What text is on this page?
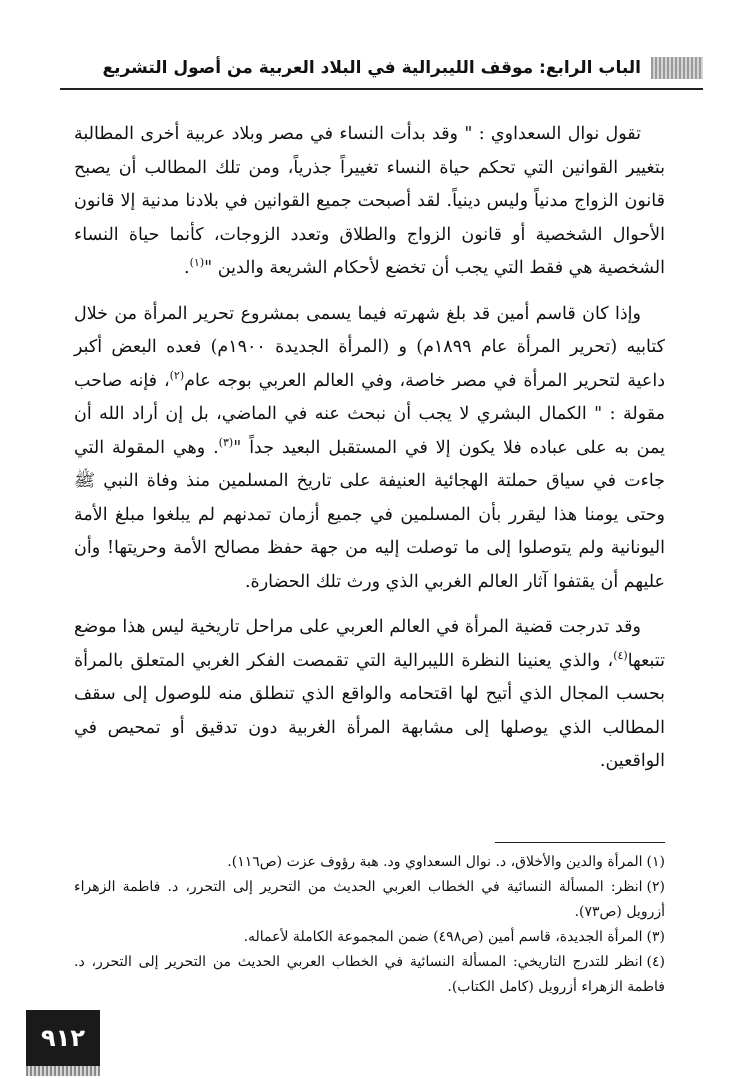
الباب الرابع: موقف الليبرالية في البلاد العربية من أصول التشريع

تقول نوال السعداوي : " وقد بدأت النساء في مصر وبلاد عربية أخرى المطالبة بتغيير القوانين التي تحكم حياة النساء تغييراً جذرياً، ومن تلك المطالب أن يصبح قانون الزواج مدنياً وليس دينياً. لقد أصبحت جميع القوانين في بلادنا مدنية إلا قانون الأحوال الشخصية أو قانون الزواج والطلاق وتعدد الزوجات، كأنما حياة النساء الشخصية هي فقط التي يجب أن تخضع لأحكام الشريعة والدين "$^{(١)}$.

وإذا كان قاسم أمين قد بلغ شهرته فيما يسمى بمشروع تحرير المرأة من خلال كتابيه (تحرير المرأة عام ١٨٩٩م) و (المرأة الجديدة ١٩٠٠م) فعده البعض أكبر داعية لتحرير المرأة في مصر خاصة، وفي العالم العربي بوجه عام$^{(٢)}$، فإنه صاحب مقولة : " الكمال البشري لا يجب أن نبحث عنه في الماضي، بل إن أراد الله أن يمن به على عباده فلا يكون إلا في المستقبل البعيد جداً "$^{(٣)}$. وهي المقولة التي جاءت في سياق حملتة الهجائية العنيفة على تاريخ المسلمين منذ وفاة النبي ﷺ وحتى يومنا هذا ليقرر بأن المسلمين في جميع أزمان تمدنهم لم يبلغوا مبلغ الأمة اليونانية ولم يتوصلوا إلى ما توصلت إليه من جهة حفظ مصالح الأمة وحريتها! وأن عليهم أن يقتفوا آثار العالم الغربي الذي ورث تلك الحضارة.

وقد تدرجت قضية المرأة في العالم العربي على مراحل تاريخية ليس هذا موضع تتبعها$^{(٤)}$، والذي يعنينا النظرة الليبرالية التي تقمصت الفكر الغربي المتعلق بالمرأة بحسب المجال الذي أتيح لها اقتحامه والواقع الذي تنطلق منه للوصول إلى سقف المطالب الذي يوصلها إلى مشابهة المرأة الغربية دون تدقيق أو تمحيص في الواقعين.

(١)المرأة والدين والأخلاق، د. نوال السعداوي ود. هبة رؤوف عزت (ص١١٦).

(٢)انظر: المسألة النسائية في الخطاب العربي الحديث من التحرير إلى التحرر، د. فاطمة الزهراء أزرويل (ص٧٣).

(٣)المرأة الجديدة، قاسم أمين (ص٤٩٨) ضمن المجموعة الكاملة لأعماله.

(٤)انظر للتدرج التاريخي: المسألة النسائية في الخطاب العربي الحديث من التحرير إلى التحرر، د. فاطمة الزهراء أزرويل (كامل الكتاب).

٩١٢
